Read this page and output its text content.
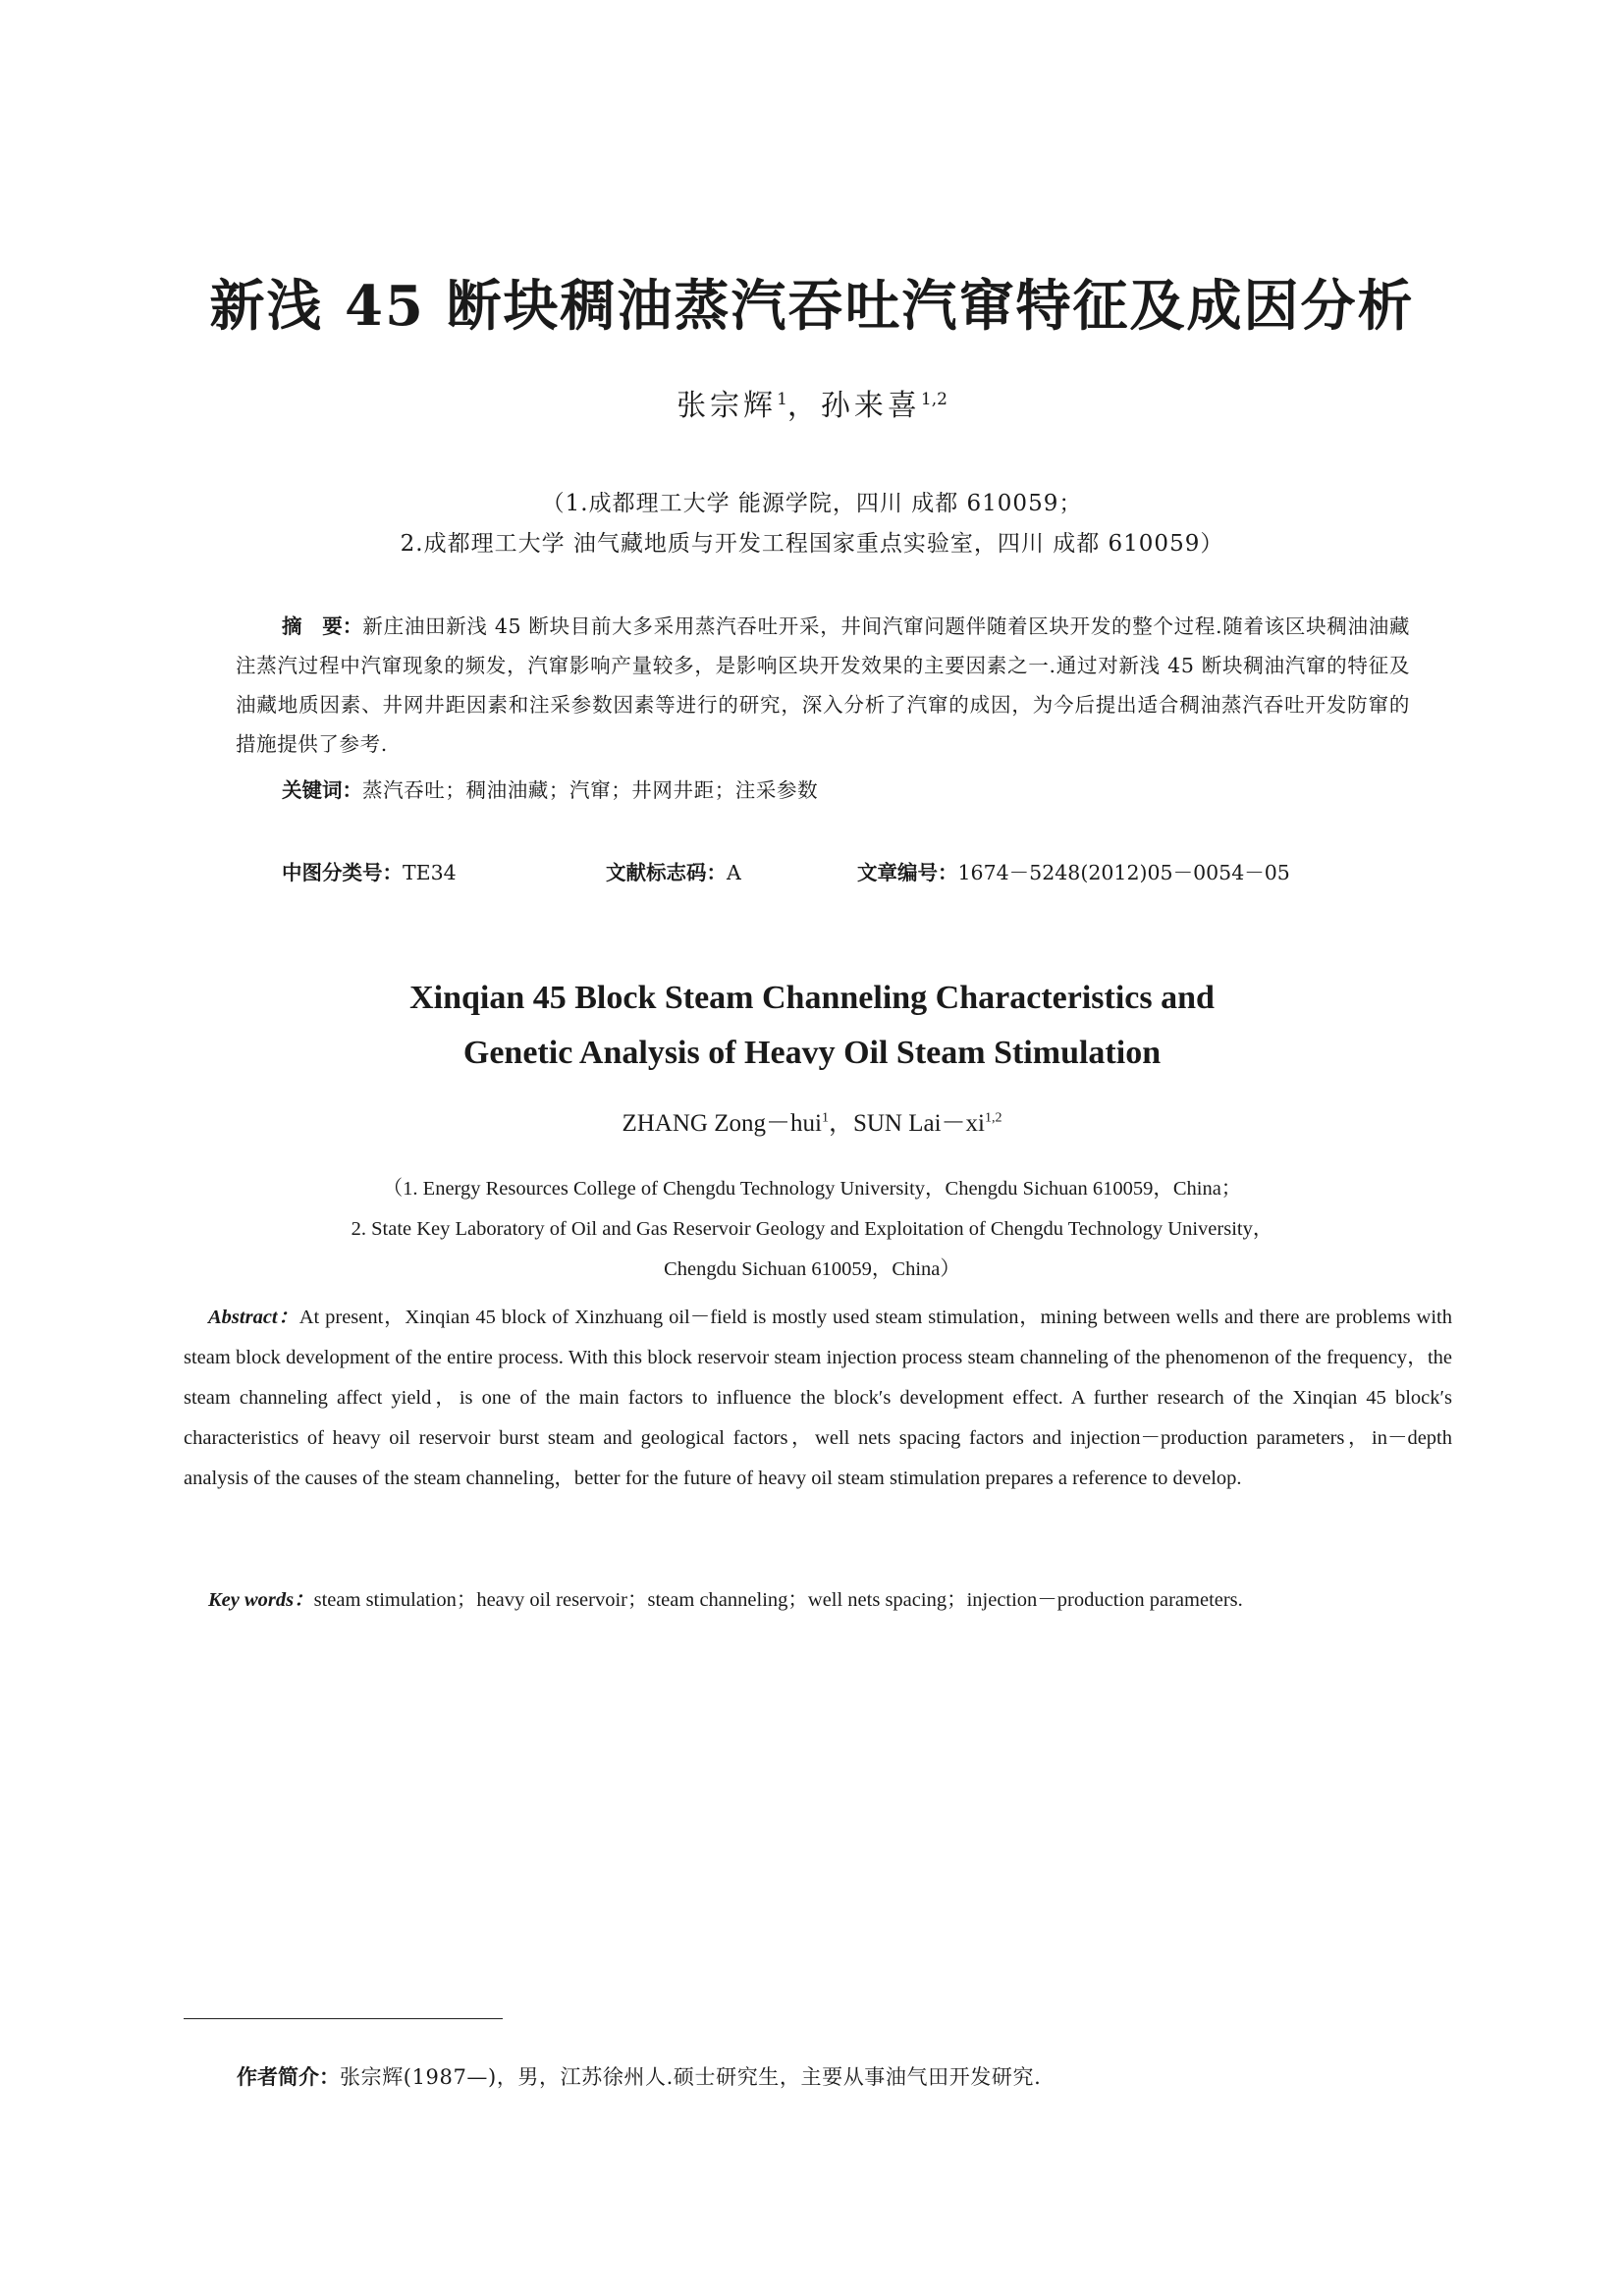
新浅 45 断块稠油蒸汽吞吐汽窜特征及成因分析
张宗辉$^1$，孙来喜$^{1,2}$
（1.成都理工大学 能源学院，四川 成都 610059；
2.成都理工大学 油气藏地质与开发工程国家重点实验室，四川 成都 610059）
摘　要：新庄油田新浅 45 断块目前大多采用蒸汽吞吐开采，井间汽窜问题伴随着区块开发的整个过程.随着该区块稠油油藏注蒸汽过程中汽窜现象的频发，汽窜影响产量较多，是影响区块开发效果的主要因素之一.通过对新浅 45 断块稠油汽窜的特征及油藏地质因素、井网井距因素和注采参数因素等进行的研究，深入分析了汽窜的成因，为今后提出适合稠油蒸汽吞吐开发防窜的措施提供了参考.
关键词：蒸汽吞吐；稠油油藏；汽窜；井网井距；注采参数
中图分类号：TE34	文献标志码：A	文章编号：1674－5248(2012)05－0054－05
Xinqian 45 Block Steam Channeling Characteristics and
Genetic Analysis of Heavy Oil Steam Stimulation
ZHANG Zong－hui$^1$，SUN Lai－xi$^{1,2}$
（1. Energy Resources College of Chengdu Technology University，Chengdu Sichuan 610059，China；
2. State Key Laboratory of Oil and Gas Reservoir Geology and Exploitation of Chengdu Technology University，
Chengdu Sichuan 610059，China）
Abstract：At present，Xinqian 45 block of Xinzhuang oil－field is mostly used steam stimulation，mining between wells and there are problems with steam block development of the entire process. With this block reservoir steam injection process steam channeling of the phenomenon of the frequency，the steam channeling affect yield，is one of the main factors to influence the block′s development effect. A further research of the Xinqian 45 block′s characteristics of heavy oil reservoir burst steam and geological factors，well nets spacing factors and injection－production parameters，in－depth analysis of the causes of the steam channeling，better for the future of heavy oil steam stimulation prepares a reference to develop.
Key words：steam stimulation；heavy oil reservoir；steam channeling；well nets spacing；injection－production parameters.
作者简介：张宗辉(1987—)，男，江苏徐州人.硕士研究生，主要从事油气田开发研究.
